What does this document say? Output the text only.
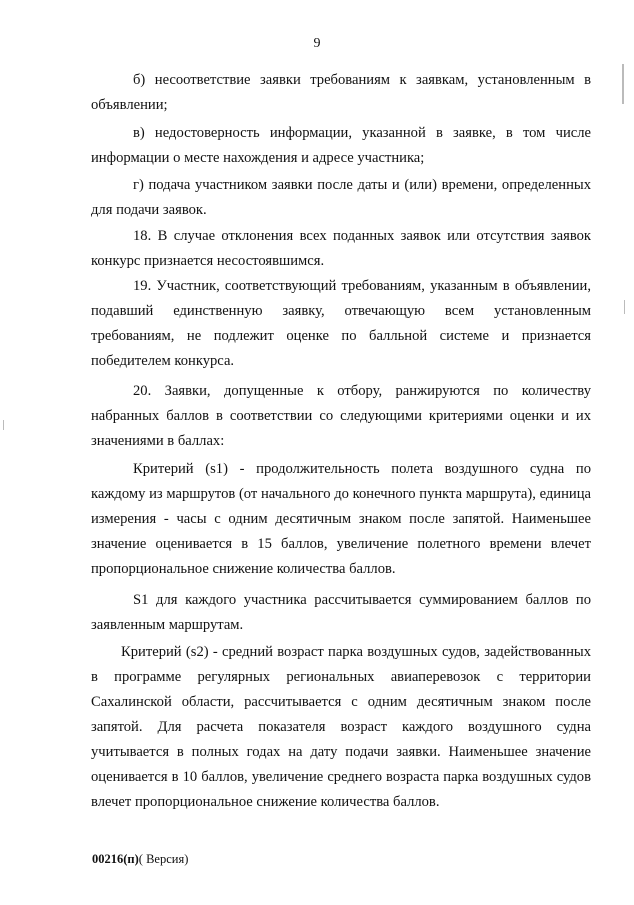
9

б) несоответствие заявки требованиям к заявкам, установленным в объявлении;

в) недостоверность информации, указанной в заявке, в том числе информации о месте нахождения и адресе участника;

г) подача участником заявки после даты и (или) времени, определенных для подачи заявок.

18. В случае отклонения всех поданных заявок или отсутствия заявок конкурс признается несостоявшимся.

19. Участник, соответствующий требованиям, указанным в объявлении, подавший единственную заявку, отвечающую всем установленным требованиям, не подлежит оценке по балльной системе и признается победителем конкурса.

20. Заявки, допущенные к отбору, ранжируются по количеству набранных баллов в соответствии со следующими критериями оценки и их значениями в баллах:

Критерий (s1) - продолжительность полета воздушного судна по каждому из маршрутов (от начального до конечного пункта маршрута), единица измерения - часы с одним десятичным знаком после запятой. Наименьшее значение оценивается в 15 баллов, увеличение полетного времени влечет пропорциональное снижение количества баллов.

S1 для каждого участника рассчитывается суммированием баллов по заявленным маршрутам.

Критерий (s2) - средний возраст парка воздушных судов, задействованных в программе регулярных региональных авиаперевозок с территории Сахалинской области, рассчитывается с одним десятичным знаком после запятой. Для расчета показателя возраст каждого воздушного судна учитывается в полных годах на дату подачи заявки. Наименьшее значение оценивается в 10 баллов, увеличение среднего возраста парка воздушных судов влечет пропорциональное снижение количества баллов.

00216(п)( Версия)
